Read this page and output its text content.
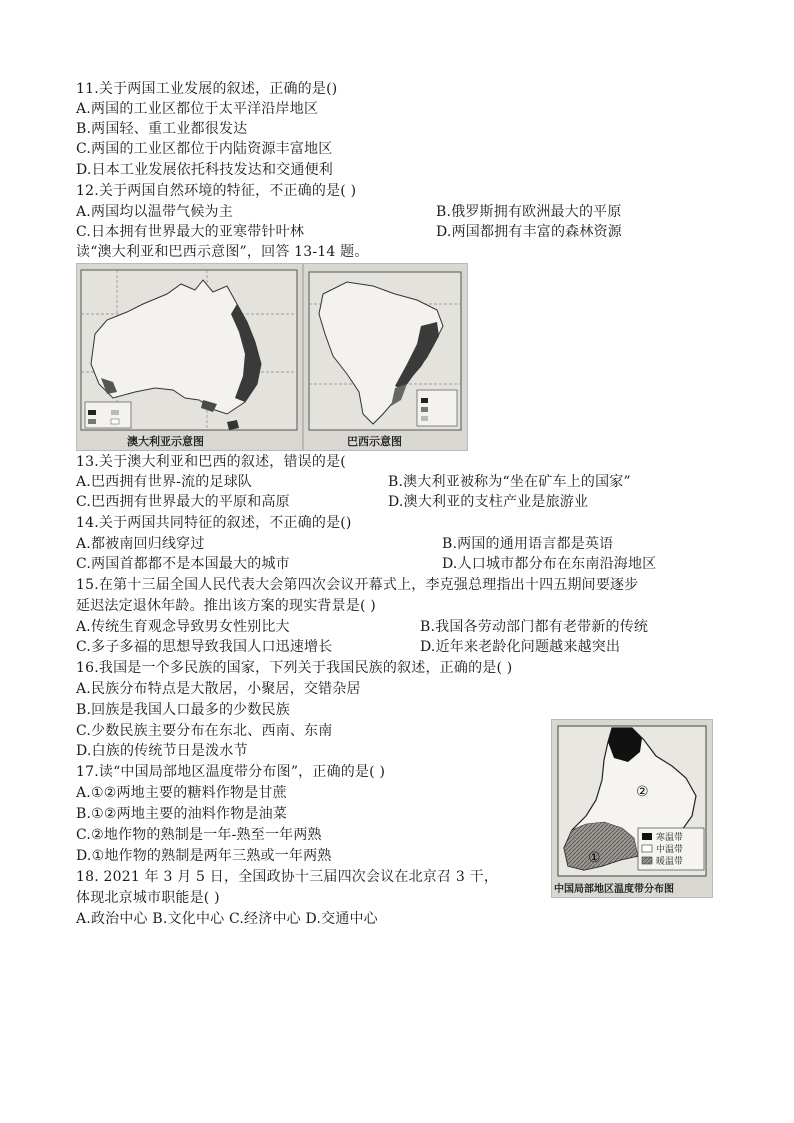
11.关于两国工业发展的叙述，正确的是()
A.两国的工业区都位于太平洋沿岸地区
B.两国轻、重工业都很发达
C.两国的工业区都位于内陆资源丰富地区
D.日本工业发展依托科技发达和交通便利
12.关于两国自然环境的特征，不正确的是( )
A.两国均以温带气候为主	B.俄罗斯拥有欧洲最大的平原
C.日本拥有世界最大的亚寒带针叶林	D.两国都拥有丰富的森林资源
读“澳大利亚和巴西示意图”，回答 13-14 题。
澳大利亚示意图	巴西示意图
13.关于澳大利亚和巴西的叙述，错误的是(
A.巴西拥有世界-流的足球队	B.澳大利亚被称为“坐在矿车上的国家”
C.巴西拥有世界最大的平原和高原	D.澳大利亚的支柱产业是旅游业
14.关于两国共同特征的叙述，不正确的是()
A.都被南回归线穿过	B.两国的通用语言都是英语
C.两国首都都不是本国最大的城市	D.人口城市都分布在东南沿海地区
15.在第十三届全国人民代表大会第四次会议开幕式上，李克强总理指出十四五期间要逐步
延迟法定退休年龄。推出该方案的现实背景是( )
A.传统生育观念导致男女性别比大	B.我国各劳动部门都有老带新的传统
C.多子多福的思想导致我国人口迅速增长	D.近年来老龄化问题越来越突出
16.我国是一个多民族的国家，下列关于我国民族的叙述，正确的是( )
A.民族分布特点是大散居，小聚居，交错杂居
B.回族是我国人口最多的少数民族
C.少数民族主要分布在东北、西南、东南
D.白族的传统节日是泼水节
17.读“中国局部地区温度带分布图”，正确的是( )
A.①②两地主要的糖料作物是甘蔗
B.①②两地主要的油料作物是油菜
C.②地作物的熟制是一年-熟至一年两熟
D.①地作物的熟制是两年三熟或一年两熟
18. 2021 年 3 月 5 日，全国政协十三届四次会议在北京召 3 干，
体现北京城市职能是( )
A.政治中心 B.文化中心 C.经济中心 D.交通中心
寒温带
中温带
暖温带
①
②
中国局部地区温度带分布图
